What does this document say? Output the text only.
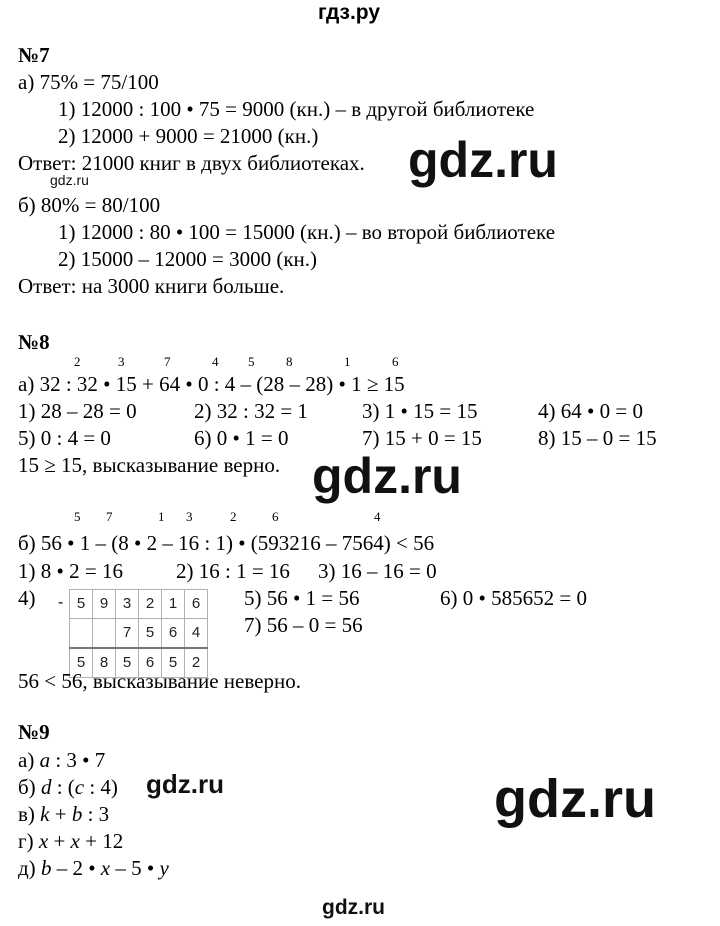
гдз.ру
№7
а) 75% = 75/100
1) 12000 : 100 • 75 = 9000 (кн.) – в другой библиотеке
2) 12000 + 9000 = 21000 (кн.)
Ответ: 21000 книг в двух библиотеках.
gdz.ru	gdz.ru
б) 80% = 80/100
1) 12000 : 80 • 100 = 15000 (кн.) – во второй библиотеке
2) 15000 – 12000 = 3000 (кн.)
Ответ: на 3000 книги больше.
№8
2	3	7	4 5 8	1	6
а) 32 : 32 • 15 + 64 • 0 : 4 – (28 – 28) • 1 ≥ 15
1) 28 – 28 = 0	2) 32 : 32 = 1	3) 1 • 15 = 15	4) 64 • 0 = 0
5) 0 : 4 = 0	6) 0 • 1 = 0	7) 15 + 0 = 15	8) 15 – 0 = 15
15 ≥ 15, высказывание верно. gdz.ru
5 7	1 3	2	6	4
б) 56 • 1 – (8 • 2 – 16 : 1) • (593216 – 7564) < 56
1) 8 • 2 = 16	2) 16 : 1 = 16 3) 16 – 16 = 0
4) -
	5	9	3	2	1	6
			7	5	6	4
	5	8	5	6	5	2
5) 56 • 1 = 56	6) 0 • 585652 = 0
7) 56 – 0 = 56
56 < 56, высказывание неверно.
№9
а) a : 3 • 7
б) d : (c : 4) gdz.ru	gdz.ru
в) k + b : 3
г) x + x + 12
д) b – 2 • x – 5 • y
gdz.ru
